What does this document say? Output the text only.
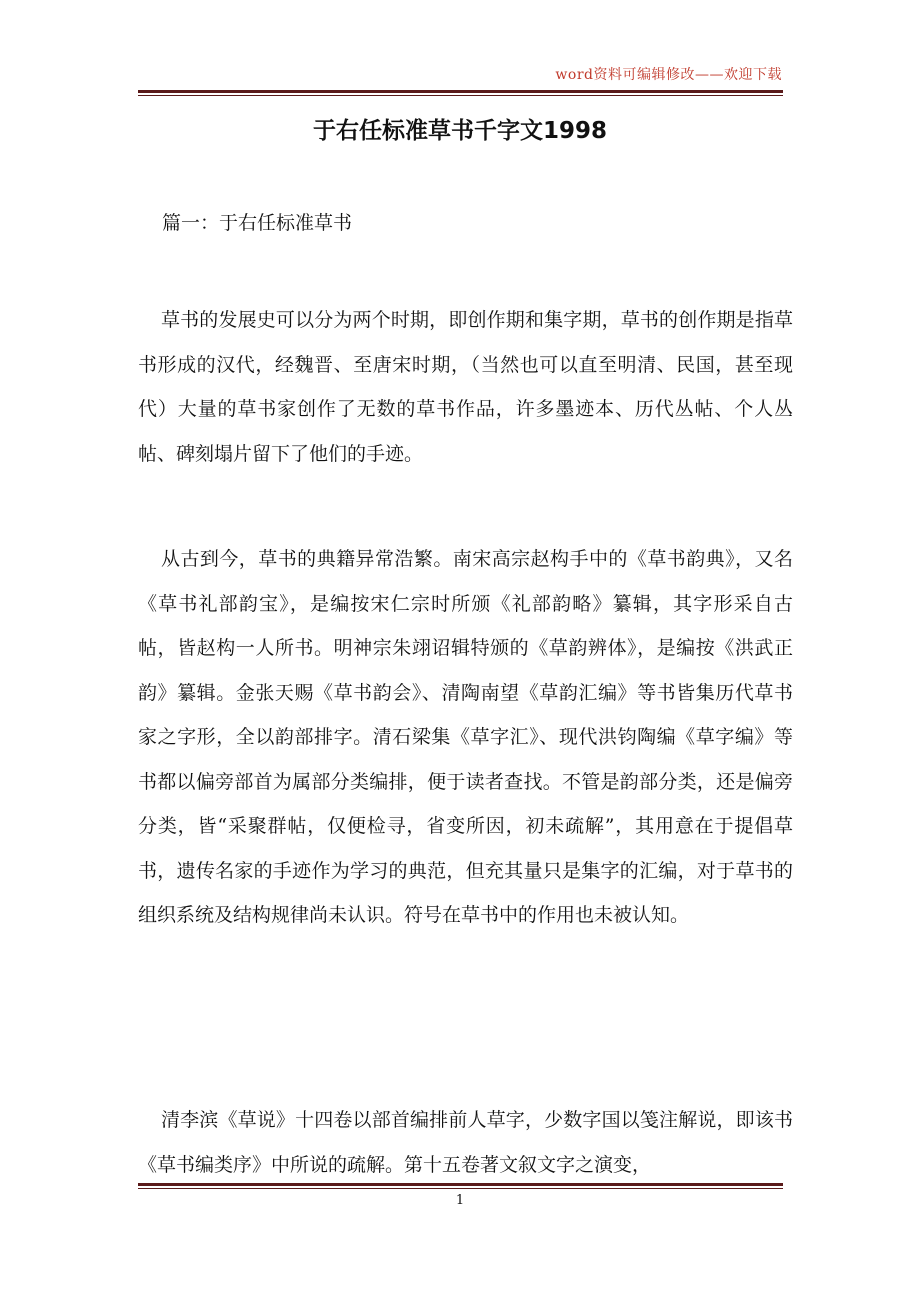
word资料可编辑修改——欢迎下载
于右任标准草书千字文1998
篇一：于右任标准草书

草书的发展史可以分为两个时期，即创作期和集字期，草书的创作期是指草书形成的汉代，经魏晋、至唐宋时期，（当然也可以直至明清、民国，甚至现代）大量的草书家创作了无数的草书作品，许多墨迹本、历代丛帖、个人丛帖、碑刻塌片留下了他们的手迹。

从古到今，草书的典籍异常浩繁。南宋高宗赵构手中的《草书韵典》，又名《草书礼部韵宝》，是编按宋仁宗时所颁《礼部韵略》纂辑，其字形采自古帖，皆赵构一人所书。明神宗朱翊诏辑特颁的《草韵辨体》，是编按《洪武正韵》纂辑。金张天赐《草书韵会》、清陶南望《草韵汇编》等书皆集历代草书家之字形，全以韵部排字。清石梁集《草字汇》、现代洪钧陶编《草字编》等书都以偏旁部首为属部分类编排，便于读者查找。不管是韵部分类，还是偏旁分类，皆“采聚群帖，仅便检寻，省变所因，初未疏解”，其用意在于提倡草书，遗传名家的手迹作为学习的典范，但充其量只是集字的汇编，对于草书的组织系统及结构规律尚未认识。符号在草书中的作用也未被认知。

清李滨《草说》十四卷以部首编排前人草字，少数字国以笺注解说，即该书《草书编类序》中所说的疏解。第十五卷著文叙文字之演变，

1
